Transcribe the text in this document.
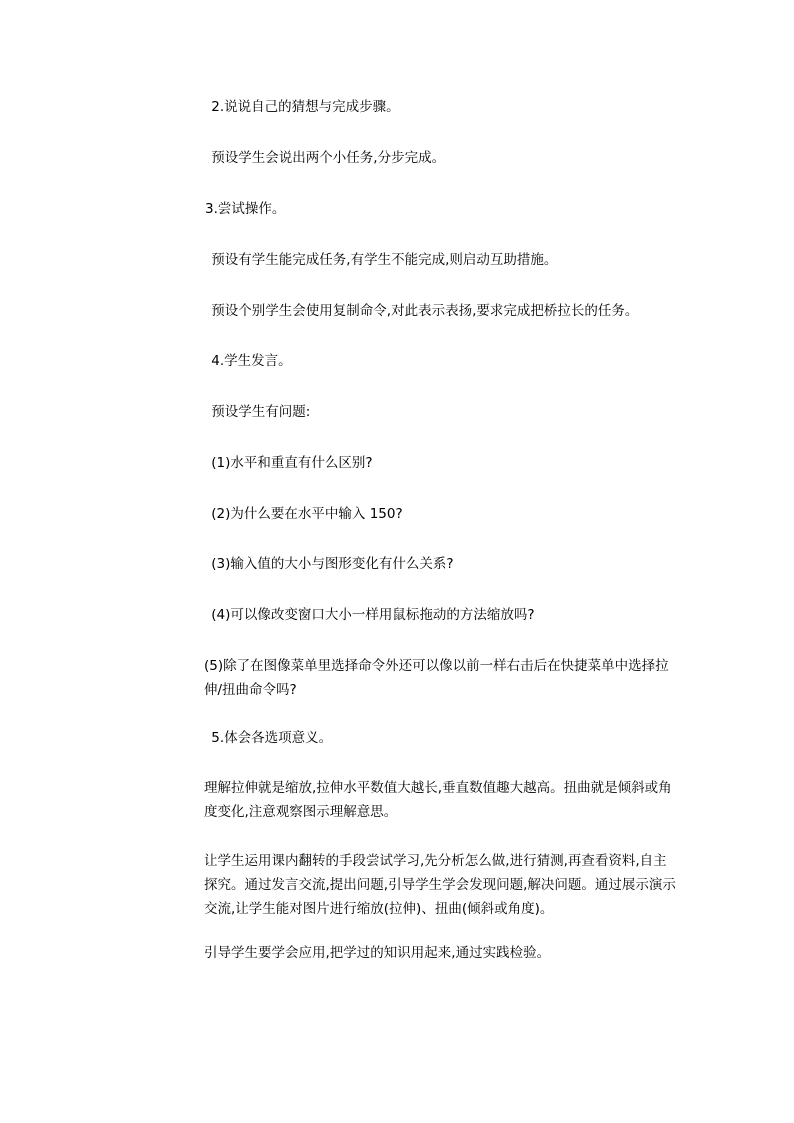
2.说说自己的猜想与完成步骤。

预设学生会说出两个小任务,分步完成。

3.尝试操作。

预设有学生能完成任务,有学生不能完成,则启动互助措施。

预设个别学生会使用复制命令,对此表示表扬,要求完成把桥拉长的任务。

4.学生发言。

预设学生有问题:

(1)水平和重直有什么区别?

(2)为什么要在水平中输入 150?

(3)输入值的大小与图形变化有什么关系?

(4)可以像改变窗口大小一样用鼠标拖动的方法缩放吗?

(5)除了在图像菜单里选择命令外还可以像以前一样右击后在快捷菜单中选择拉伸/扭曲命令吗?

5.体会各选项意义。

理解拉伸就是缩放,拉伸水平数值大越长,垂直数值趣大越高。扭曲就是倾斜或角度变化,注意观察图示理解意思。

让学生运用课内翻转的手段尝试学习,先分析怎么做,进行猜测,再查看资料,自主探究。通过发言交流,提出问题,引导学生学会发现问题,解决问题。通过展示演示交流,让学生能对图片进行缩放(拉伸)、扭曲(倾斜或角度)。

引导学生要学会应用,把学过的知识用起来,通过实践检验。
